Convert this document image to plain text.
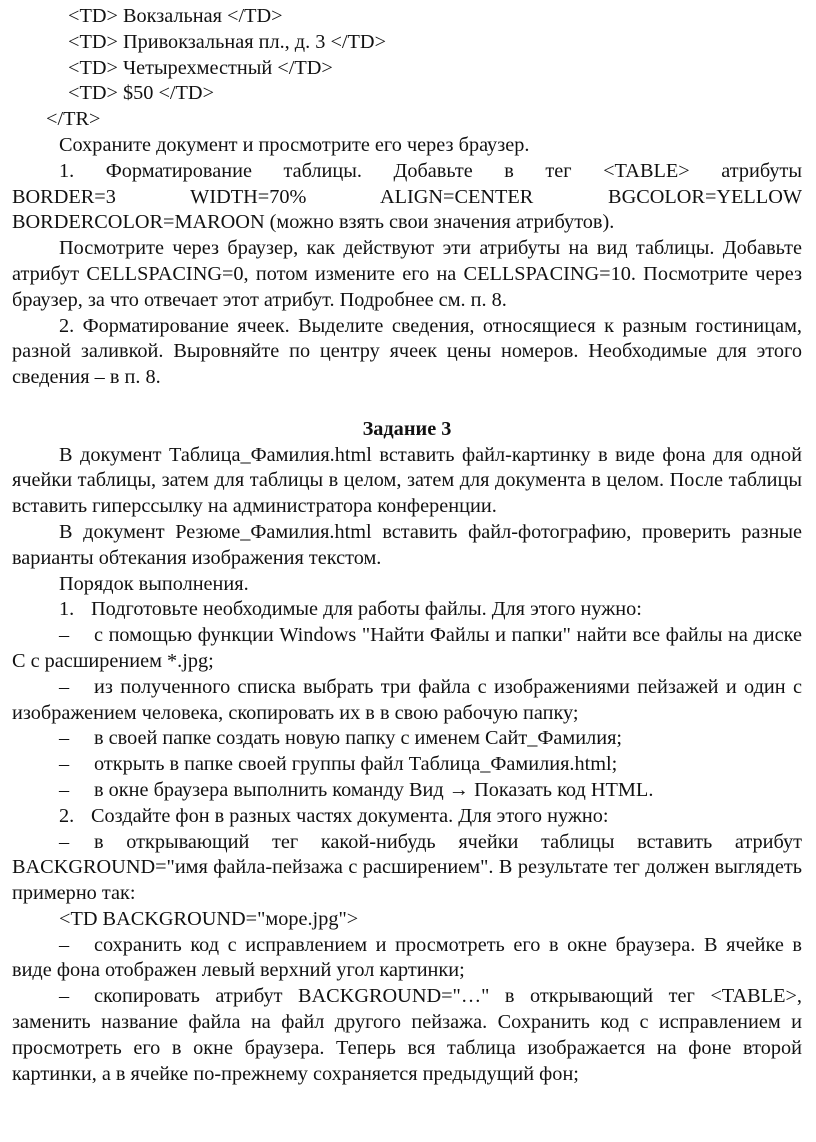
<TD> Вокзальная </TD>

<TD> Привокзальная пл., д. 3 </TD>

<TD> Четырехместный </TD>

<TD> $50 </TD>

</TR>

Сохраните документ и просмотрите его через браузер.

1. Форматирование таблицы. Добавьте в тег <TABLE> атрибуты

BORDER=3 WIDTH=70% ALIGN=CENTER BGCOLOR=YELLOW

BORDERCOLOR=MAROON (можно взять свои значения атрибутов).

Посмотрите через браузер, как действуют эти атрибуты на вид таблицы. Добавьте атрибут CELLSPACING=0, потом измените его на CELLSPACING=10. Посмотрите через браузер, за что отвечает этот атрибут. Подробнее см. п. 8.

2. Форматирование ячеек. Выделите сведения, относящиеся к разным гостиницам, разной заливкой. Выровняйте по центру ячеек цены номеров. Необходимые для этого сведения – в п. 8.

Задание 3

В документ Таблица_Фамилия.html вставить файл-картинку в виде фона для одной ячейки таблицы, затем для таблицы в целом, затем для документа в целом. После таблицы вставить гиперссылку на администратора конференции.

В документ Резюме_Фамилия.html вставить файл-фотографию, проверить разные варианты обтекания изображения текстом.

Порядок выполнения.

1. Подготовьте необходимые для работы файлы. Для этого нужно:

– с помощью функции Windows "Найти Файлы и папки" найти все файлы на диске С с расширением *.jpg;

– из полученного списка выбрать три файла с изображениями пейзажей и один с изображением человека, скопировать их в в свою рабочую папку;

– в своей папке создать новую папку с именем Сайт_Фамилия;

– открыть в папке своей группы файл Таблица_Фамилия.html;

– в окне браузера выполнить команду Вид → Показать код HTML.

2. Создайте фон в разных частях документа. Для этого нужно:

– в открывающий тег какой-нибудь ячейки таблицы вставить атрибут BACKGROUND="имя файла-пейзажа с расширением". В результате тег должен выглядеть примерно так:

<TD BACKGROUND="море.jpg">

– сохранить код с исправлением и просмотреть его в окне браузера. В ячейке в виде фона отображен левый верхний угол картинки;

– скопировать атрибут BACKGROUND="…" в открывающий тег <TABLE>, заменить название файла на файл другого пейзажа. Сохранить код с исправлением и просмотреть его в окне браузера. Теперь вся таблица изображается на фоне второй картинки, а в ячейке по-прежнему сохраняется предыдущий фон;
